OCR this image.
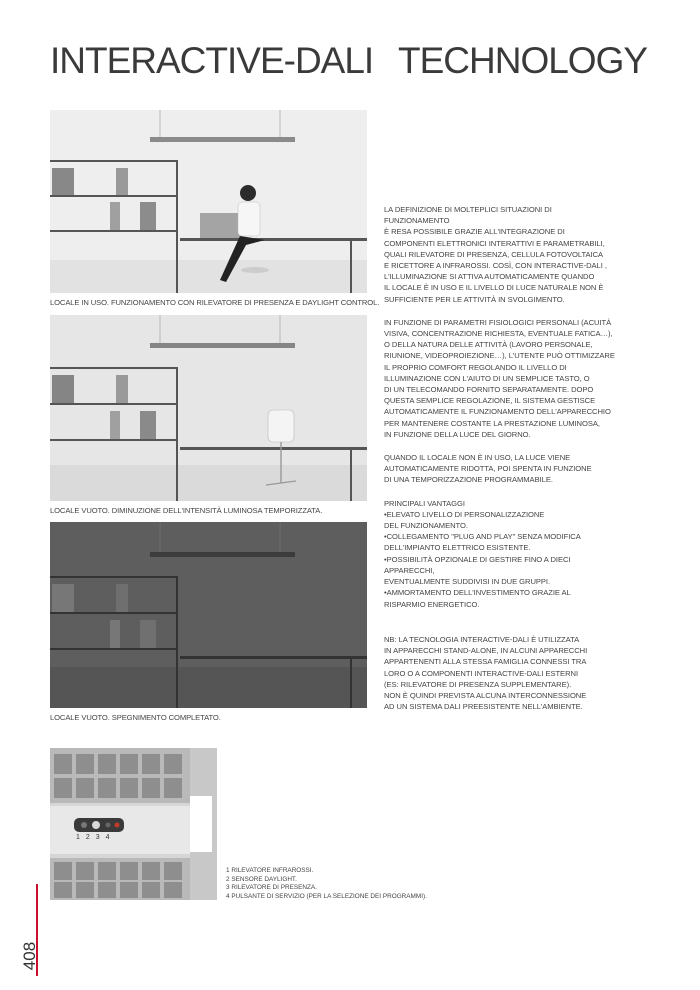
INTERACTIVE-DALI TECHNOLOGY
LOCALE IN USO. FUNZIONAMENTO CON RILEVATORE DI PRESENZA E DAYLIGHT CONTROL.
LOCALE VUOTO. DIMINUZIONE DELL'INTENSITÀ LUMINOSA TEMPORIZZATA.
LOCALE VUOTO. SPEGNIMENTO COMPLETATO.

LA DEFINIZIONE DI MOLTEPLICI SITUAZIONI DI FUNZIONAMENTO
È RESA POSSIBILE GRAZIE ALL'INTEGRAZIONE DI
COMPONENTI ELETTRONICI INTERATTIVI E PARAMETRABILI,
QUALI RILEVATORE DI PRESENZA, CELLULA FOTOVOLTAICA
E RICETTORE A INFRAROSSI. COSÌ, CON INTERACTIVE-DALI ,
L'ILLUMINAZIONE SI ATTIVA AUTOMATICAMENTE QUANDO
IL LOCALE È IN USO E IL LIVELLO DI LUCE NATURALE NON È
SUFFICIENTE PER LE ATTIVITÀ IN SVOLGIMENTO.

IN FUNZIONE DI PARAMETRI FISIOLOGICI PERSONALI (ACUITÀ
VISIVA, CONCENTRAZIONE RICHIESTA, EVENTUALE FATICA…),
O DELLA NATURA DELLE ATTIVITÀ (LAVORO PERSONALE,
RIUNIONE, VIDEOPROIEZIONE…), L'UTENTE PUÒ OTTIMIZZARE
IL PROPRIO COMFORT REGOLANDO IL LIVELLO DI
ILLUMINAZIONE CON L'AIUTO DI UN SEMPLICE TASTO, O
DI UN TELECOMANDO FORNITO SEPARATAMENTE. DOPO
QUESTA SEMPLICE REGOLAZIONE, IL SISTEMA GESTISCE
AUTOMATICAMENTE IL FUNZIONAMENTO DELL'APPARECCHIO
PER MANTENERE COSTANTE LA PRESTAZIONE LUMINOSA,
IN FUNZIONE DELLA LUCE DEL GIORNO.

QUANDO IL LOCALE NON È IN USO, LA LUCE VIENE
AUTOMATICAMENTE RIDOTTA, POI SPENTA IN FUNZIONE
DI UNA TEMPORIZZAZIONE PROGRAMMABILE.

PRINCIPALI VANTAGGI
•ELEVATO LIVELLO DI PERSONALIZZAZIONE
DEL FUNZIONAMENTO.
•COLLEGAMENTO "PLUG AND PLAY" SENZA MODIFICA
DELL'IMPIANTO ELETTRICO ESISTENTE.
•POSSIBILITÀ OPZIONALE DI GESTIRE FINO A DIECI APPARECCHI,
EVENTUALMENTE SUDDIVISI IN DUE GRUPPI.
•AMMORTAMENTO DELL'INVESTIMENTO GRAZIE AL
RISPARMIO ENERGETICO.

NB: LA TECNOLOGIA INTERACTIVE-DALI È UTILIZZATA
IN APPARECCHI STAND-ALONE, IN ALCUNI APPARECCHI
APPARTENENTI ALLA STESSA FAMIGLIA CONNESSI TRA
LORO O A COMPONENTI INTERACTIVE-DALI ESTERNI
(ES: RILEVATORE DI PRESENZA SUPPLEMENTARE).
NON È QUINDI PREVISTA ALCUNA INTERCONNESSIONE
AD UN SISTEMA DALI PREESISTENTE NELL'AMBIENTE.

1 2 3 4
1 RILEVATORE INFRAROSSI.
2 SENSORE DAYLIGHT.
3 RILEVATORE DI PRESENZA.
4 PULSANTE DI SERVIZIO (PER LA SELEZIONE DEI PROGRAMMI).
408
